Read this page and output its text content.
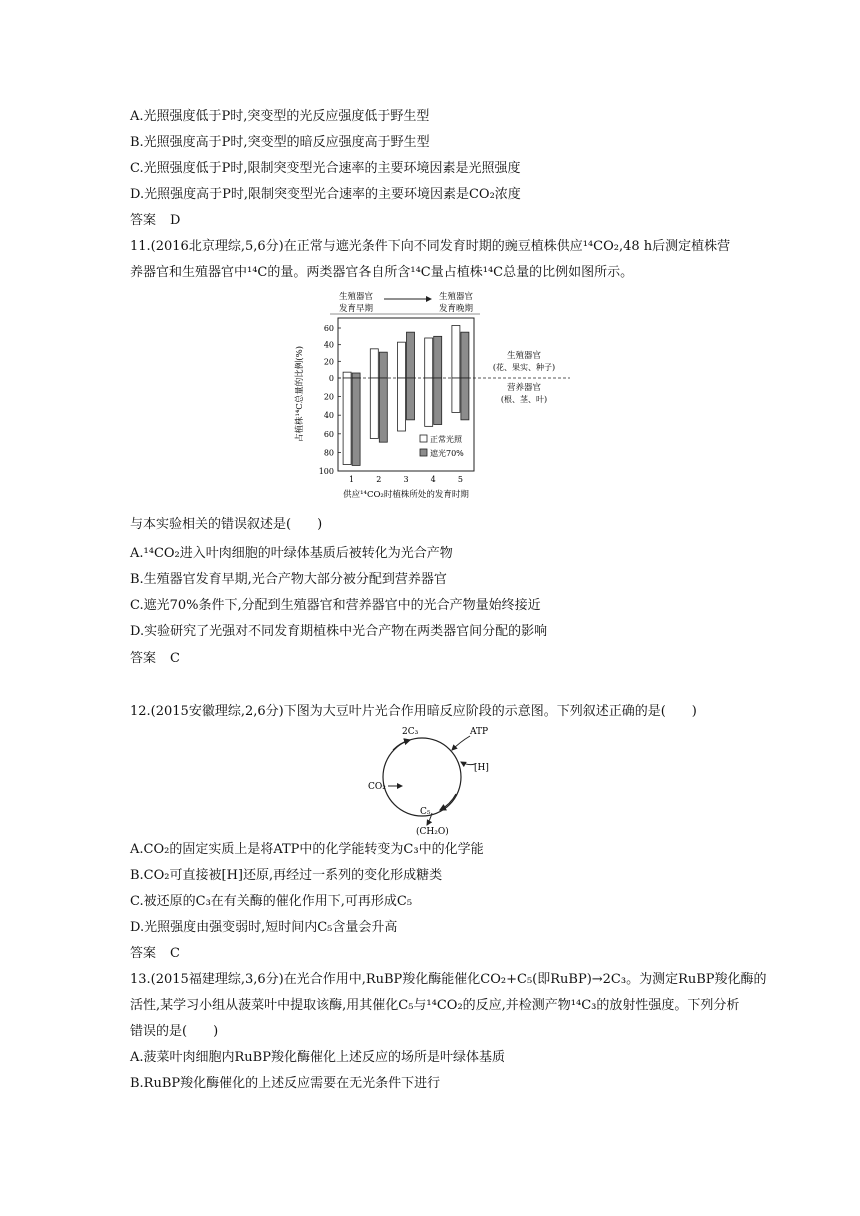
A.光照强度低于P时,突变型的光反应强度低于野生型
B.光照强度高于P时,突变型的暗反应强度高于野生型
C.光照强度低于P时,限制突变型光合速率的主要环境因素是光照强度
D.光照强度高于P时,限制突变型光合速率的主要环境因素是CO₂浓度
答案 D
11.(2016北京理综,5,6分)在正常与遮光条件下向不同发育时期的豌豆植株供应¹⁴CO₂,48 h后测定植株营
养器官和生殖器官中¹⁴C的量。两类器官各自所含¹⁴C量占植株¹⁴C总量的比例如图所示。
60
40
20
0
20
40
60
80
100
1	2	3	4	5
生殖器官
发育早期
生殖器官
发育晚期
生殖器官
(花、果实、种子)
营养器官
(根、茎、叶)
正常光照
遮光70%
供应¹⁴CO₂时植株所处的发育时期
占植株¹⁴C总量的比例(%)
与本实验相关的错误叙述是(　　)
A.¹⁴CO₂进入叶肉细胞的叶绿体基质后被转化为光合产物
B.生殖器官发育早期,光合产物大部分被分配到营养器官
C.遮光70%条件下,分配到生殖器官和营养器官中的光合产物量始终接近
D.实验研究了光强对不同发育期植株中光合产物在两类器官间分配的影响
答案 C
12.(2015安徽理综,2,6分)下图为大豆叶片光合作用暗反应阶段的示意图。下列叙述正确的是(　　)
2C₃	ATP
[H]
CO₂
C₅
(CH₂O)
A.CO₂的固定实质上是将ATP中的化学能转变为C₃中的化学能
B.CO₂可直接被[H]还原,再经过一系列的变化形成糖类
C.被还原的C₃在有关酶的催化作用下,可再形成C₅
D.光照强度由强变弱时,短时间内C₅含量会升高
答案 C
13.(2015福建理综,3,6分)在光合作用中,RuBP羧化酶能催化CO₂+C₅(即RuBP)→2C₃。为测定RuBP羧化酶的
活性,某学习小组从菠菜叶中提取该酶,用其催化C₅与¹⁴CO₂的反应,并检测产物¹⁴C₃的放射性强度。下列分析
错误的是(　　)
A.菠菜叶肉细胞内RuBP羧化酶催化上述反应的场所是叶绿体基质
B.RuBP羧化酶催化的上述反应需要在无光条件下进行
